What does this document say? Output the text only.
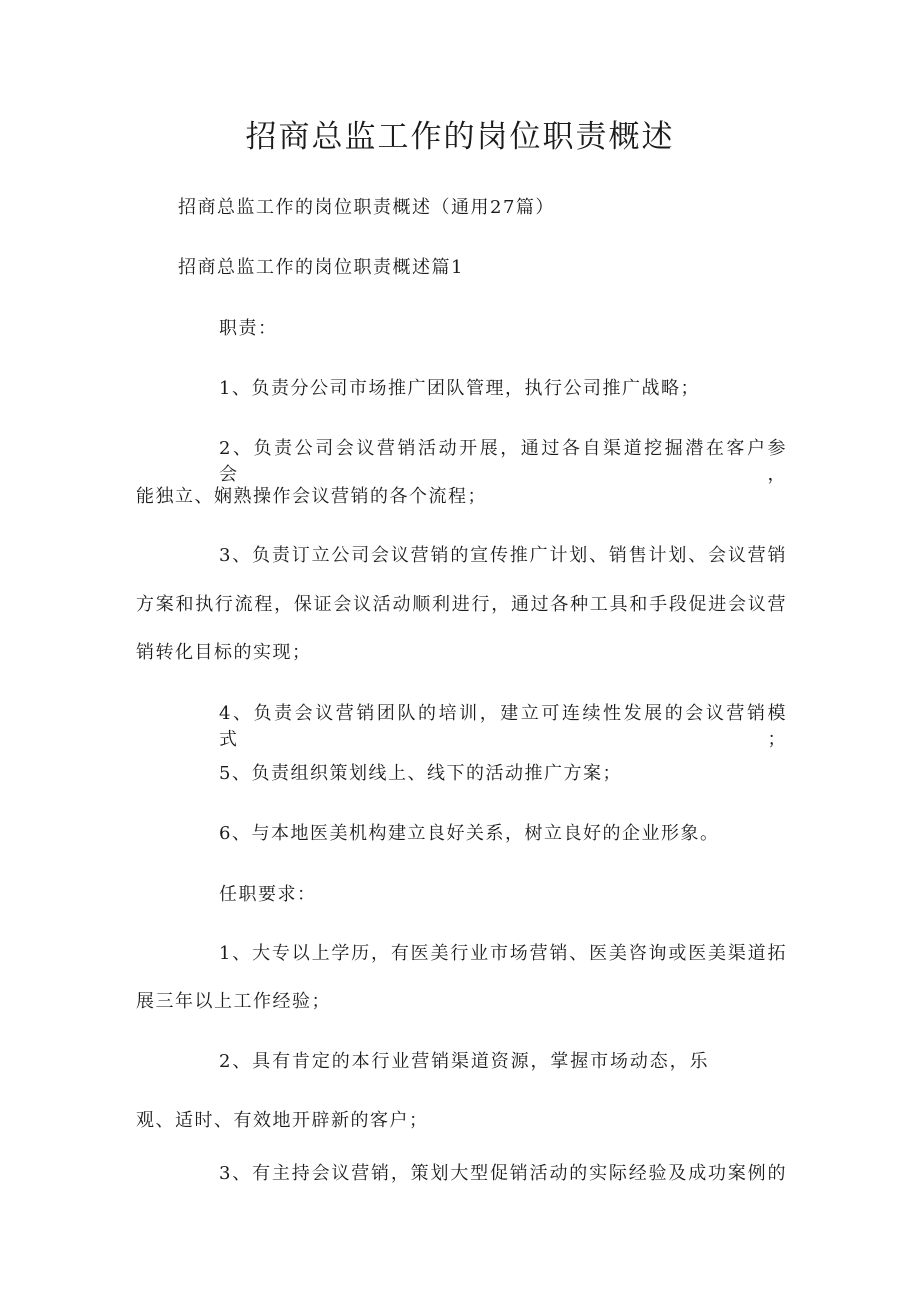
招商总监工作的岗位职责概述

招商总监工作的岗位职责概述（通用27篇）

招商总监工作的岗位职责概述篇1

职责：

1、负责分公司市场推广团队管理，执行公司推广战略；

2、负责公司会议营销活动开展，通过各自渠道挖掘潜在客户参会，

能独立、娴熟操作会议营销的各个流程；

3、负责订立公司会议营销的宣传推广计划、销售计划、会议营销

方案和执行流程，保证会议活动顺利进行，通过各种工具和手段促进会议营

销转化目标的实现；

4、负责会议营销团队的培训，建立可连续性发展的会议营销模式；

5、负责组织策划线上、线下的活动推广方案；

6、与本地医美机构建立良好关系，树立良好的企业形象。

任职要求：

1、大专以上学历，有医美行业市场营销、医美咨询或医美渠道拓

展三年以上工作经验；

2、具有肯定的本行业营销渠道资源，掌握市场动态，乐

观、适时、有效地开辟新的客户；

3、有主持会议营销，策划大型促销活动的实际经验及成功案例的
